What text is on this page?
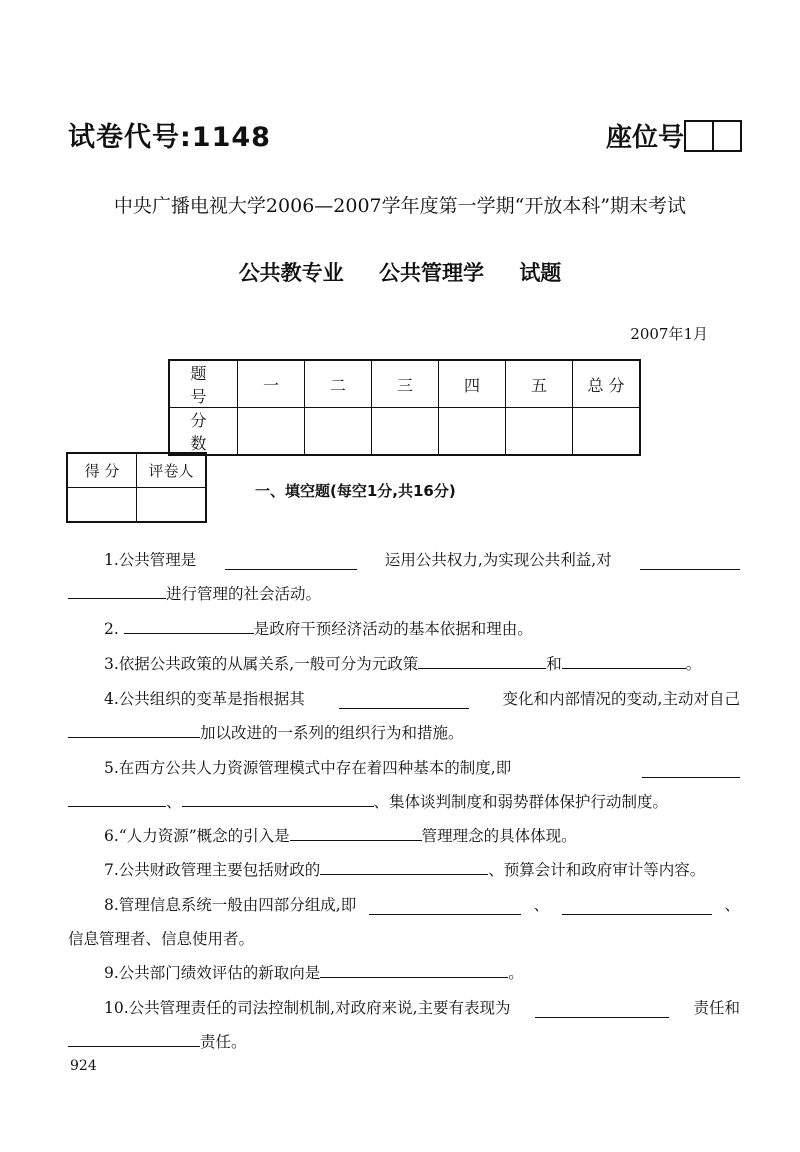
试卷代号:1148	座位号
中央广播电视大学2006—2007学年度第一学期“开放本科”期末考试
公共教专业 公共管理学 试题
2007年1月
题 号	一	二	三	四	五	总 分
分 数						
得 分	评卷人

一、填空题(每空1分,共16分)
1.公共管理是	运用公共权力,为实现公共利益,对
进行管理的社会活动。
2.	是政府干预经济活动的基本依据和理由。
3.依据公共政策的从属关系,一般可分为元政策	和	。
4.公共组织的变革是指根据其	变化和内部情况的变动,主动对自己
加以改进的一系列的组织行为和措施。
5.在西方公共人力资源管理模式中存在着四种基本的制度,即
、	、集体谈判制度和弱势群体保护行动制度。
6.“人力资源”概念的引入是	管理理念的具体体现。
7.公共财政管理主要包括财政的	、预算会计和政府审计等内容。
8.管理信息系统一般由四部分组成,即	、	、
信息管理者、信息使用者。
9.公共部门绩效评估的新取向是	。
10.公共管理责任的司法控制机制,对政府来说,主要有表现为	责任和
责任。
924
